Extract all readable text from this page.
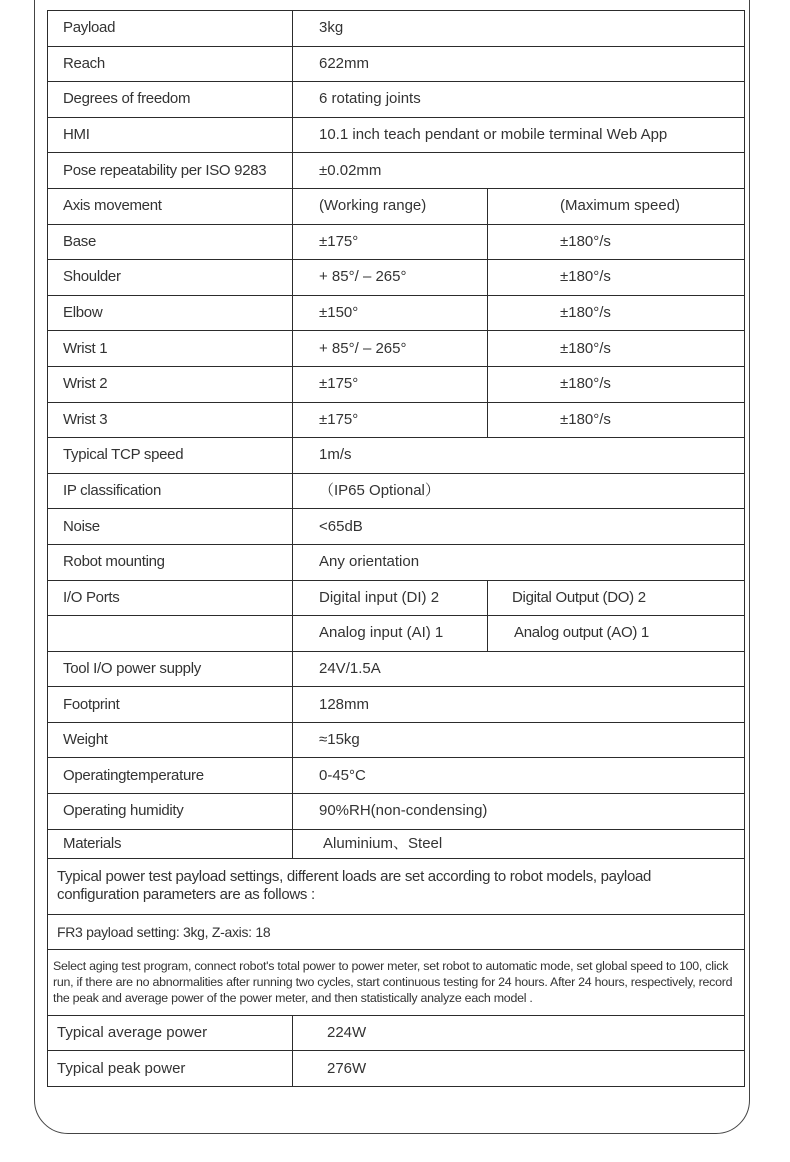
Payload	3kg	
Reach	622mm	
Degrees of freedom	6 rotating joints	
HMI	10.1 inch teach pendant or mobile terminal Web App	
Pose repeatability per ISO 9283	±0.02mm	
Axis movement	(Working range)	(Maximum speed)
Base	±175°	±180°/s
Shoulder	+ 85°/ – 265°	±180°/s
Elbow	±150°	±180°/s
Wrist 1	+ 85°/ – 265°	±180°/s
Wrist 2	±175°	±180°/s
Wrist 3	±175°	±180°/s
Typical TCP speed	1m/s	
IP classification	（IP65 Optional）	
Noise	<65dB	
Robot mounting	Any orientation	
I/O Ports	Digital input (DI) 2	Digital Output (DO) 2
	Analog input (AI) 1	Analog output (AO) 1
Tool I/O power supply	24V/1.5A	
Footprint	128mm	
Weight	≈15kg	
Operatingtemperature	0-45°C	
Operating humidity	90%RH(non-condensing)	
Materials	Aluminium、Steel	
Typical power test payload settings, different loads are set according to robot models, payload configuration parameters are as follows :		
FR3 payload setting: 3kg, Z-axis: 18		
Select aging test program, connect robot's total power to power meter, set robot to automatic mode, set global speed to 100, click run, if there are no abnormalities after running two cycles, start continuous testing for 24 hours. After 24 hours, respectively, record the peak and average power of the power meter, and then statistically analyze each model .		
Typical average power	224W	
Typical peak power	276W	
